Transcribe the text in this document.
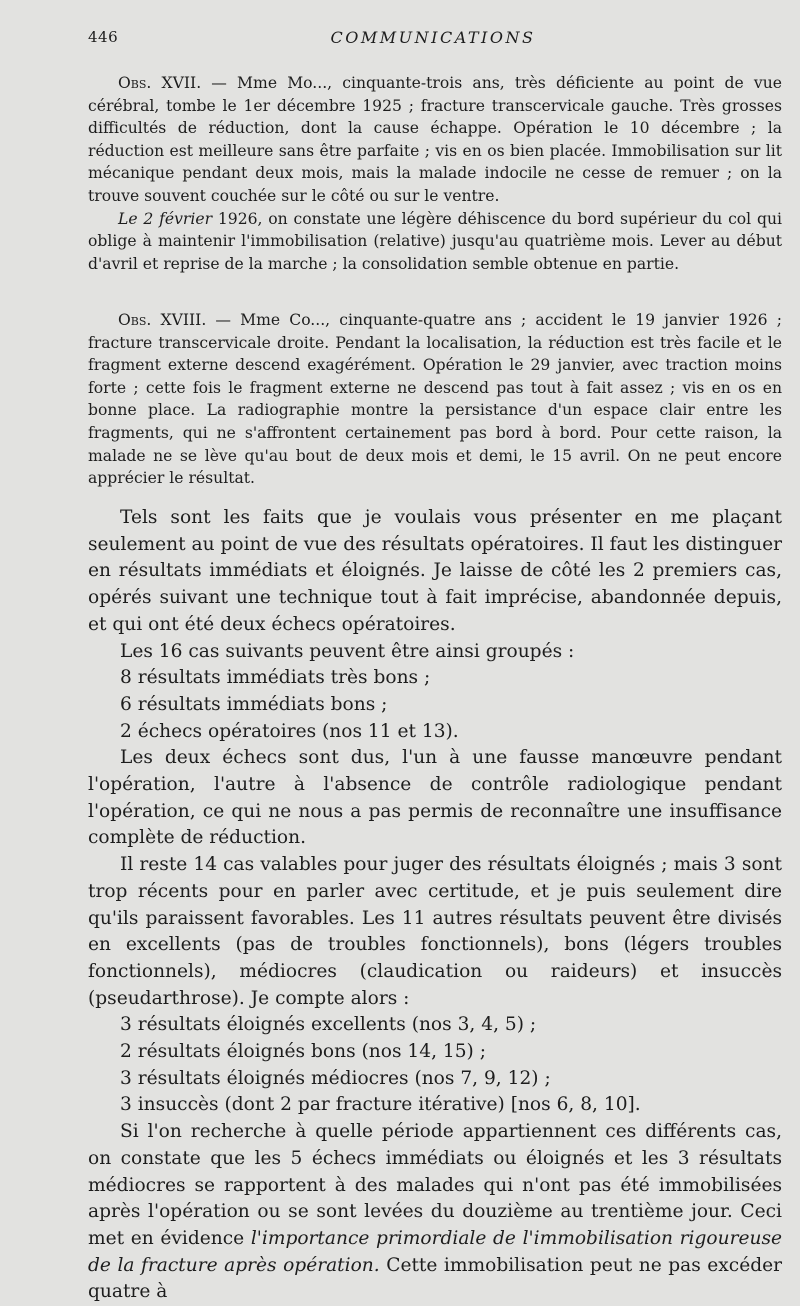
446	COMMUNICATIONS

Obs. XVII. — Mme Mo..., cinquante-trois ans, très déficiente au point de vue cérébral, tombe le 1er décembre 1925 ; fracture transcervicale gauche. Très grosses difficultés de réduction, dont la cause échappe. Opération le 10 décembre ; la réduction est meilleure sans être parfaite ; vis en os bien placée. Immobilisation sur lit mécanique pendant deux mois, mais la malade indocile ne cesse de remuer ; on la trouve souvent couchée sur le côté ou sur le ventre.

Le 2 février 1926, on constate une légère déhiscence du bord supérieur du col qui oblige à maintenir l'immobilisation (relative) jusqu'au quatrième mois. Lever au début d'avril et reprise de la marche ; la consolidation semble obtenue en partie.

Obs. XVIII. — Mme Co..., cinquante-quatre ans ; accident le 19 janvier 1926 ; fracture transcervicale droite. Pendant la localisation, la réduction est très facile et le fragment externe descend exagérément. Opération le 29 janvier, avec traction moins forte ; cette fois le fragment externe ne descend pas tout à fait assez ; vis en os en bonne place. La radiographie montre la persistance d'un espace clair entre les fragments, qui ne s'affrontent certainement pas bord à bord. Pour cette raison, la malade ne se lève qu'au bout de deux mois et demi, le 15 avril. On ne peut encore apprécier le résultat.

Tels sont les faits que je voulais vous présenter en me plaçant seulement au point de vue des résultats opératoires. Il faut les distinguer en résultats immédiats et éloignés. Je laisse de côté les 2 premiers cas, opérés suivant une technique tout à fait imprécise, abandonnée depuis, et qui ont été deux échecs opératoires.

Les 16 cas suivants peuvent être ainsi groupés :

8 résultats immédiats très bons ;

6 résultats immédiats bons ;

2 échecs opératoires (nos 11 et 13).

Les deux échecs sont dus, l'un à une fausse manœuvre pendant l'opération, l'autre à l'absence de contrôle radiologique pendant l'opération, ce qui ne nous a pas permis de reconnaître une insuffisance complète de réduction.

Il reste 14 cas valables pour juger des résultats éloignés ; mais 3 sont trop récents pour en parler avec certitude, et je puis seulement dire qu'ils paraissent favorables. Les 11 autres résultats peuvent être divisés en excellents (pas de troubles fonctionnels), bons (légers troubles fonctionnels), médiocres (claudication ou raideurs) et insuccès (pseudarthrose). Je compte alors :

3 résultats éloignés excellents (nos 3, 4, 5) ;

2 résultats éloignés bons (nos 14, 15) ;

3 résultats éloignés médiocres (nos 7, 9, 12) ;

3 insuccès (dont 2 par fracture itérative) [nos 6, 8, 10].

Si l'on recherche à quelle période appartiennent ces différents cas, on constate que les 5 échecs immédiats ou éloignés et les 3 résultats médiocres se rapportent à des malades qui n'ont pas été immobilisées après l'opération ou se sont levées du douzième au trentième jour. Ceci met en évidence l'importance primordiale de l'immobilisation rigoureuse de la fracture après opération. Cette immobilisation peut ne pas excéder quatre à
